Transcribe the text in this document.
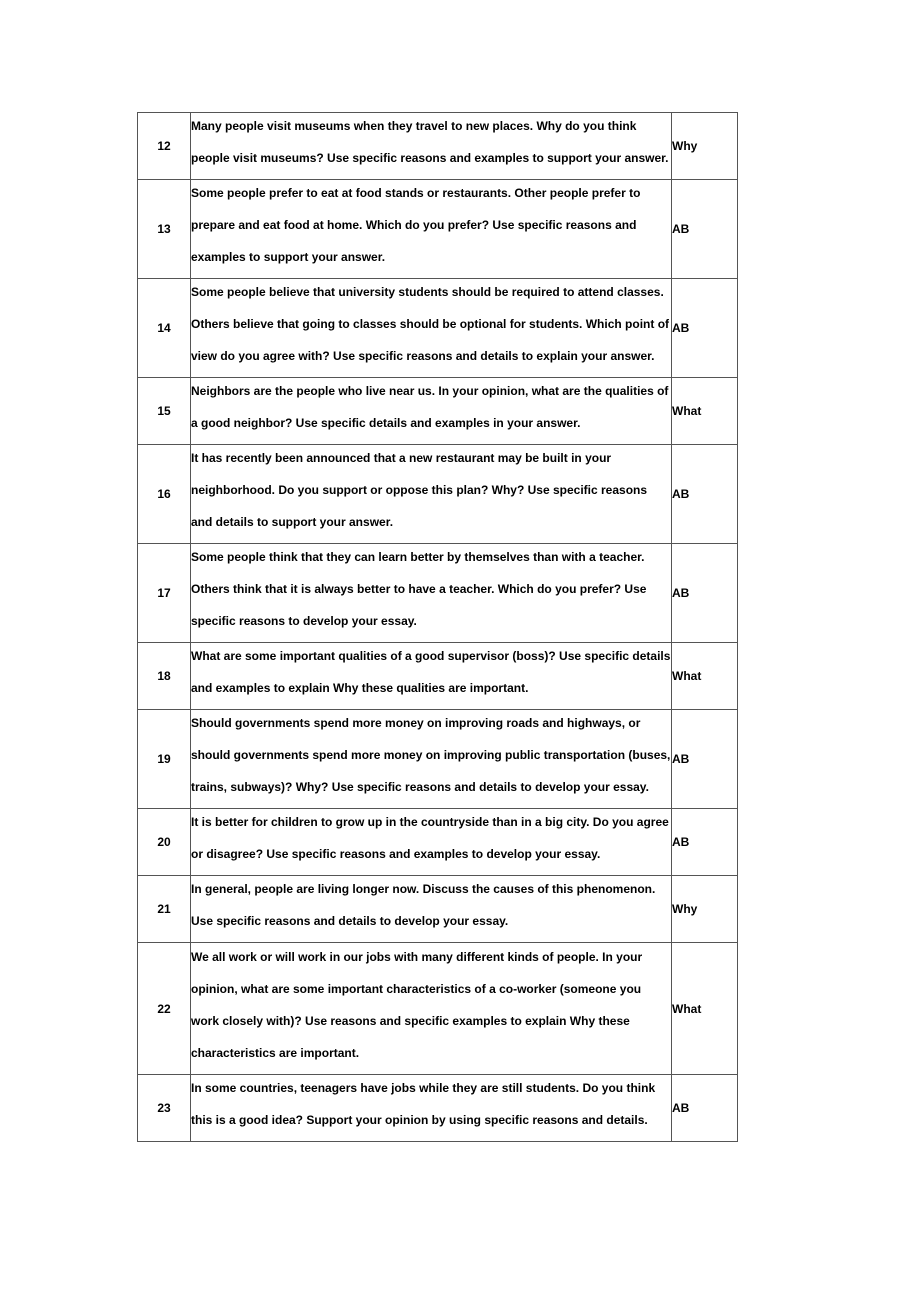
12	Many people visit museums when they travel to new places. Why do you think people visit museums? Use specific reasons and examples to support your answer.	Why
13	Some people prefer to eat at food stands or restaurants. Other people prefer to prepare and eat food at home. Which do you prefer? Use specific reasons and examples to support your answer.	AB
14	Some people believe that university students should be required to attend classes. Others believe that going to classes should be optional for students. Which point of view do you agree with? Use specific reasons and details to explain your answer.	AB
15	Neighbors are the people who live near us. In your opinion, what are the qualities of a good neighbor? Use specific details and examples in your answer.	What
16	It has recently been announced that a new restaurant may be built in your neighborhood. Do you support or oppose this plan? Why? Use specific reasons and details to support your answer.	AB
17	Some people think that they can learn better by themselves than with a teacher. Others think that it is always better to have a teacher. Which do you prefer? Use specific reasons to develop your essay.	AB
18	What are some important qualities of a good supervisor (boss)? Use specific details and examples to explain Why these qualities are important.	What
19	Should governments spend more money on improving roads and highways, or should governments spend more money on improving public transportation (buses, trains, subways)? Why? Use specific reasons and details to develop your essay.	AB
20	It is better for children to grow up in the countryside than in a big city. Do you agree or disagree? Use specific reasons and examples to develop your essay.	AB
21	In general, people are living longer now. Discuss the causes of this phenomenon. Use specific reasons and details to develop your essay.	Why
22	We all work or will work in our jobs with many different kinds of people. In your opinion, what are some important characteristics of a co-worker (someone you work closely with)? Use reasons and specific examples to explain Why these characteristics are important.	What
23	In some countries, teenagers have jobs while they are still students. Do you think this is a good idea? Support your opinion by using specific reasons and details.	AB
